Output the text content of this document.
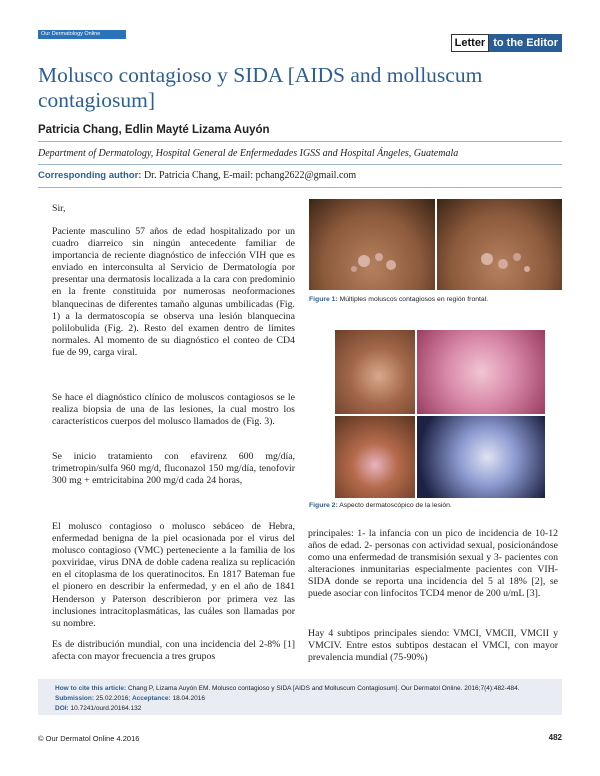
Our Dermatology Online
Letter to the Editor
Molusco contagioso y SIDA [AIDS and molluscum contagiosum]
Patricia Chang, Edlin Mayté Lizama Auyón
Department of Dermatology, Hospital General de Enfermedades IGSS and Hospital Ángeles, Guatemala
Corresponding author: Dr. Patricia Chang, E-mail: pchang2622@gmail.com
Sir,
Paciente masculino 57 años de edad hospitalizado por un cuadro diarreico sin ningún antecedente familiar de importancia de reciente diagnóstico de infección VIH que es enviado en interconsulta al Servicio de Dermatología por presentar una dermatosis localizada a la cara con predominio en la frente constituida por numerosas neoformaciones blanquecinas de diferentes tamaño algunas umbilicadas (Fig. 1) a la dermatoscopía se observa una lesión blanquecina polilobulida (Fig. 2). Resto del examen dentro de límites normales. Al momento de su diagnóstico el conteo de CD4 fue de 99, carga viral.
Se hace el diagnóstico clínico de moluscos contagiosos se le realiza biopsia de una de las lesiones, la cual mostro los característicos cuerpos del molusco llamados de (Fig. 3).
Se inicio tratamiento con efavirenz 600 mg/día, trimetropin/sulfa 960 mg/d, fluconazol 150 mg/día, tenofovir 300 mg + emtricitabina 200 mg/d cada 24 horas,
El molusco contagioso o molusco sebáceo de Hebra, enfermedad benigna de la piel ocasionada por el virus del molusco contagioso (VMC) perteneciente a la familia de los poxviridae, virus DNA de doble cadena realiza su replicación en el citoplasma de los queratinocitos. En 1817 Bateman fue el pionero en describir la enfermedad, y en el año de 1841 Henderson y Paterson describieron por primera vez las inclusiones intracitoplasmáticas, las cuáles son llamadas por su nombre.
Es de distribución mundial, con una incidencia del 2-8% [1] afecta con mayor frecuencia a tres grupos
Figure 1: Múltiples moluscos contagiosos en región frontal.
Figure 2: Aspecto dermatoscópico de la lesión.
principales: 1- la infancia con un pico de incidencia de 10-12 años de edad. 2- personas con actividad sexual, posicionándose como una enfermedad de transmisión sexual y 3- pacientes con alteraciones inmunitarias especialmente pacientes con VIH-SIDA donde se reporta una incidencia del 5 al 18% [2], se puede asociar con linfocitos TCD4 menor de 200 u/mL [3].
Hay 4 subtipos principales siendo: VMCI, VMCII, VMCII y VMCIV. Entre estos subtipos destacan el VMCI, con mayor prevalencia mundial (75-90%)
How to cite this article: Chang P, Lizama Auyón EM. Molusco contagioso y SIDA [AIDS and Molluscum Contagiosum]. Our Dermatol Online. 2016;7(4):482-484.
Submission: 25.02.2016; Acceptance: 18.04.2016
DOI: 10.7241/ourd.20164.132
© Our Dermatol Online 4.2016	482
